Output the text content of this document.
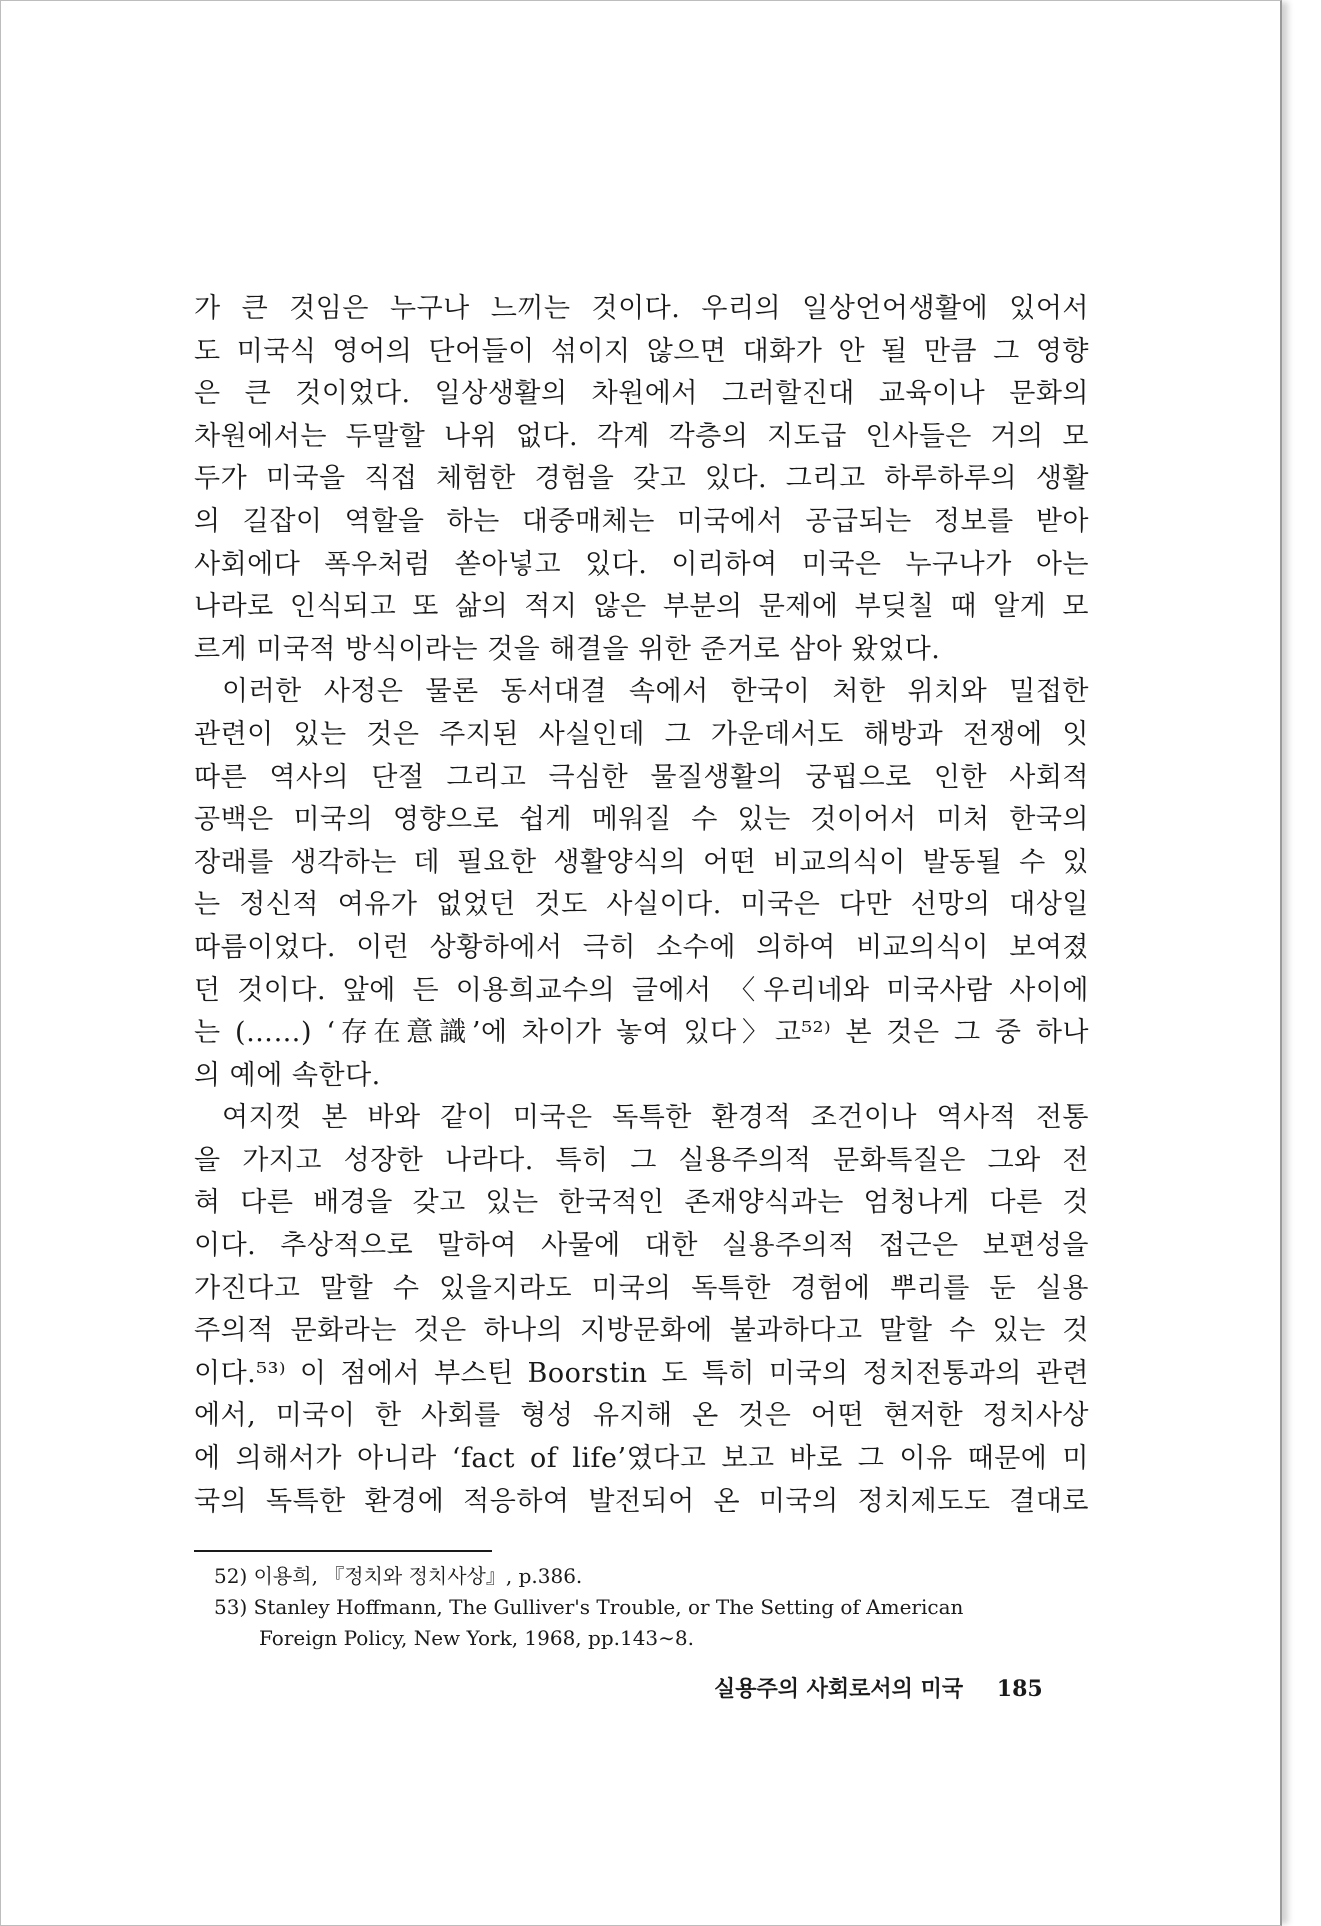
가 큰 것임은 누구나 느끼는 것이다. 우리의 일상언어생활에 있어서
도 미국식 영어의 단어들이 섞이지 않으면 대화가 안 될 만큼 그 영향
은 큰 것이었다. 일상생활의 차원에서 그러할진대 교육이나 문화의
차원에서는 두말할 나위 없다. 각계 각층의 지도급 인사들은 거의 모
두가 미국을 직접 체험한 경험을 갖고 있다. 그리고 하루하루의 생활
의 길잡이 역할을 하는 대중매체는 미국에서 공급되는 정보를 받아
사회에다 폭우처럼 쏟아넣고 있다. 이리하여 미국은 누구나가 아는
나라로 인식되고 또 삶의 적지 않은 부분의 문제에 부딪칠 때 알게 모
르게 미국적 방식이라는 것을 해결을 위한 준거로 삼아 왔었다.
이러한 사정은 물론 동서대결 속에서 한국이 처한 위치와 밀접한
관련이 있는 것은 주지된 사실인데 그 가운데서도 해방과 전쟁에 잇
따른 역사의 단절 그리고 극심한 물질생활의 궁핍으로 인한 사회적
공백은 미국의 영향으로 쉽게 메워질 수 있는 것이어서 미처 한국의
장래를 생각하는 데 필요한 생활양식의 어떤 비교의식이 발동될 수 있
는 정신적 여유가 없었던 것도 사실이다. 미국은 다만 선망의 대상일
따름이었다. 이런 상황하에서 극히 소수에 의하여 비교의식이 보여졌
던 것이다. 앞에 든 이용희교수의 글에서 〈우리네와 미국사람 사이에
는 (……) ‘存在意識’에 차이가 놓여 있다〉고⁵²⁾ 본 것은 그 중 하나
의 예에 속한다.
여지껏 본 바와 같이 미국은 독특한 환경적 조건이나 역사적 전통
을 가지고 성장한 나라다. 특히 그 실용주의적 문화특질은 그와 전
혀 다른 배경을 갖고 있는 한국적인 존재양식과는 엄청나게 다른 것
이다. 추상적으로 말하여 사물에 대한 실용주의적 접근은 보편성을
가진다고 말할 수 있을지라도 미국의 독특한 경험에 뿌리를 둔 실용
주의적 문화라는 것은 하나의 지방문화에 불과하다고 말할 수 있는 것
이다.⁵³⁾ 이 점에서 부스틴 Boorstin 도 특히 미국의 정치전통과의 관련
에서, 미국이 한 사회를 형성 유지해 온 것은 어떤 현저한 정치사상
에 의해서가 아니라 ‘fact of life’였다고 보고 바로 그 이유 때문에 미
국의 독특한 환경에 적응하여 발전되어 온 미국의 정치제도도 결대로
52) 이용희, 『정치와 정치사상』, p.386.
53) Stanley Hoffmann, The Gulliver's Trouble, or The Setting of American
Foreign Policy, New York, 1968, pp.143∼8.
실용주의 사회로서의 미국 185
